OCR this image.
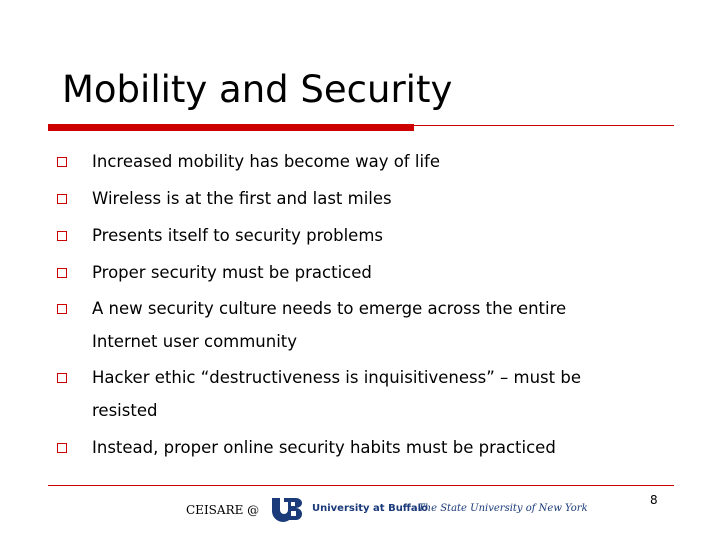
Mobility and Security
Increased mobility has become way of life
Wireless is at the first and last miles
Presents itself to security problems
Proper security must be practiced
A new security culture needs to emerge across the entire
Internet user community
Hacker ethic “destructiveness is inquisitiveness” – must be
resisted
Instead, proper online security habits must be practiced
CEISARE @	University at Buffalo
The State University of New York
8
